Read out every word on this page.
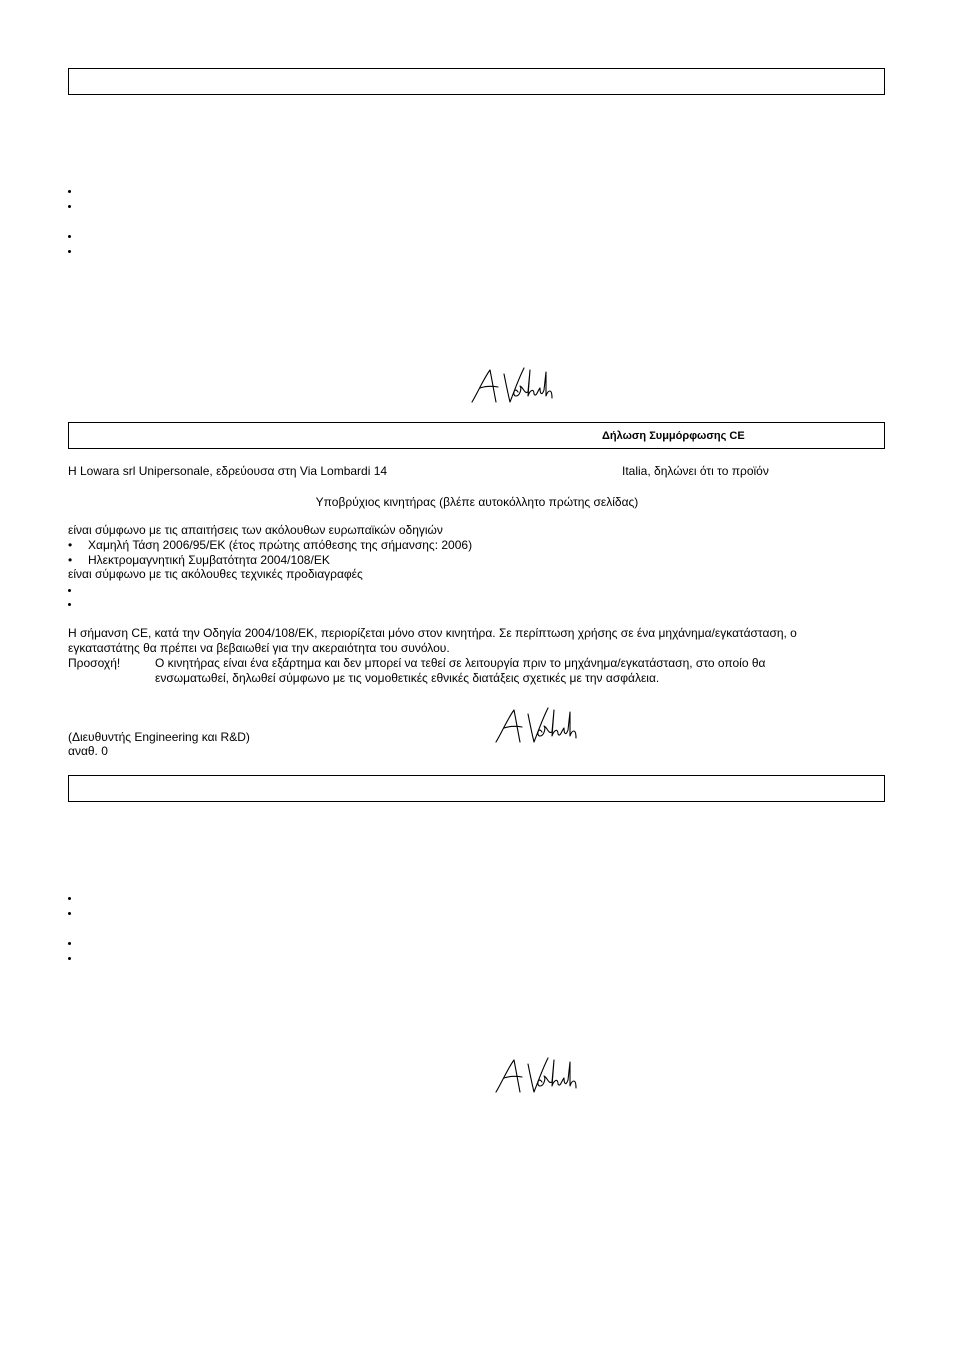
Δήλωση Συμμόρφωσης CE
Η Lowara srl Unipersonale, εδρεύουσα στη Via Lombardi 14	Italia, δηλώνει ότι το προϊόν
Υποβρύχιος κινητήρας (βλέπε αυτοκόλλητο πρώτης σελίδας)
είναι σύμφωνο με τις απαιτήσεις των ακόλουθων ευρωπαϊκών οδηγιών
• Χαμηλή Τάση 2006/95/ΕΚ (έτος πρώτης απόθεσης της σήμανσης: 2006)
• Ηλεκτρομαγνητική Συμβατότητα 2004/108/ΕΚ
είναι σύμφωνο με τις ακόλουθες τεχνικές προδιαγραφές
Η σήμανση CE, κατά την Οδηγία 2004/108/ΕΚ, περιορίζεται μόνο στον κινητήρα. Σε περίπτωση χρήσης σε ένα μηχάνημα/εγκατάσταση, ο
εγκαταστάτης θα πρέπει να βεβαιωθεί για την ακεραιότητα του συνόλου.
Προσοχή!	Ο κινητήρας είναι ένα εξάρτημα και δεν μπορεί να τεθεί σε λειτουργία πριν το μηχάνημα/εγκατάσταση, στο οποίο θα
ενσωματωθεί, δηλωθεί σύμφωνο με τις νομοθετικές εθνικές διατάξεις σχετικές με την ασφάλεια.
(Διευθυντής Engineering και R&D)
αναθ. 0
